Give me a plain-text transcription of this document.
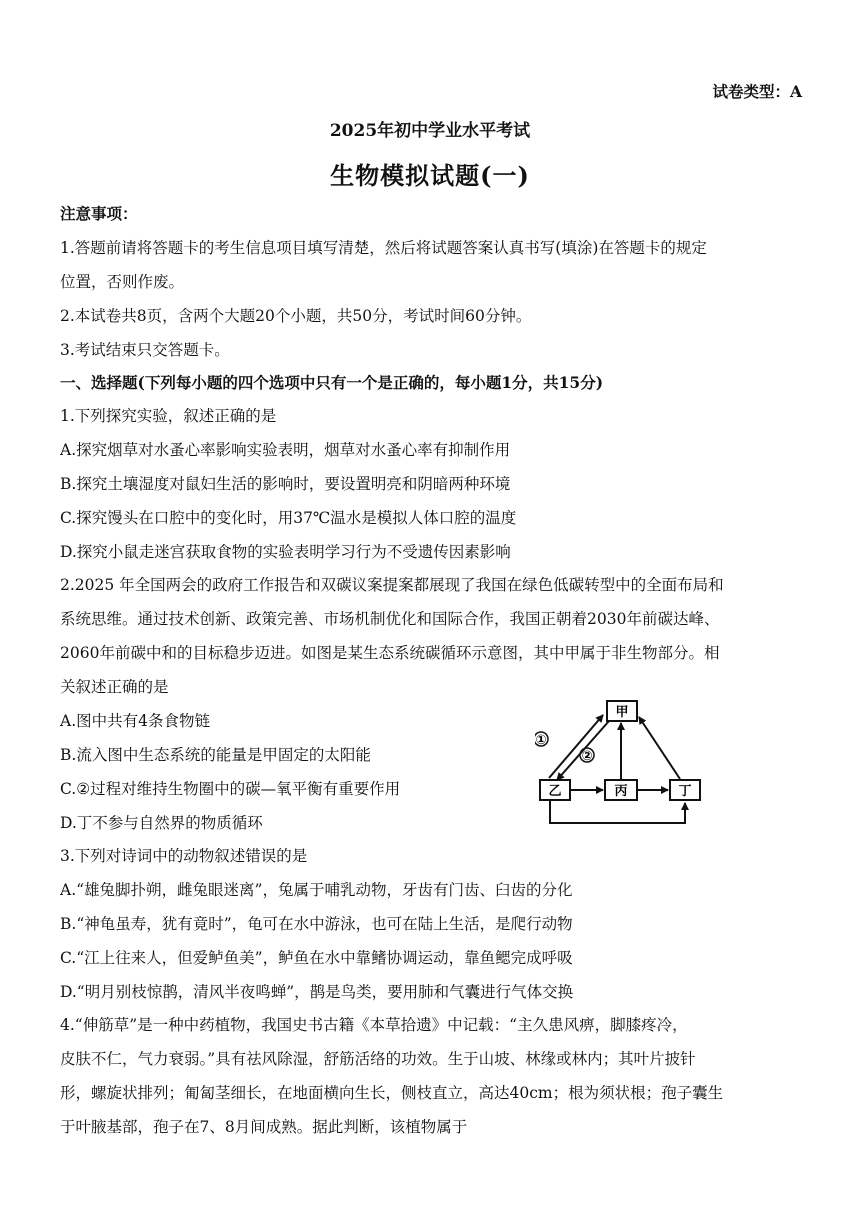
试卷类型：A
2025年初中学业水平考试
生物模拟试题(一)
注意事项：
1.答题前请将答题卡的考生信息项目填写清楚，然后将试题答案认真书写(填涂)在答题卡的规定
位置，否则作废。
2.本试卷共8页，含两个大题20个小题，共50分，考试时间60分钟。
3.考试结束只交答题卡。
一、选择题(下列每小题的四个选项中只有一个是正确的，每小题1分，共15分)
1.下列探究实验，叙述正确的是
A.探究烟草对水蚤心率影响实验表明，烟草对水蚤心率有抑制作用
B.探究土壤湿度对鼠妇生活的影响时，要设置明亮和阴暗两种环境
C.探究馒头在口腔中的变化时，用37℃温水是模拟人体口腔的温度
D.探究小鼠走迷宫获取食物的实验表明学习行为不受遗传因素影响
2.2025 年全国两会的政府工作报告和双碳议案提案都展现了我国在绿色低碳转型中的全面布局和
系统思维。通过技术创新、政策完善、市场机制优化和国际合作，我国正朝着2030年前碳达峰、
2060年前碳中和的目标稳步迈进。如图是某生态系统碳循环示意图，其中甲属于非生物部分。相
关叙述正确的是
A.图中共有4条食物链
B.流入图中生态系统的能量是甲固定的太阳能
C.②过程对维持生物圈中的碳—氧平衡有重要作用
D.丁不参与自然界的物质循环
甲
乙	丙	丁
①
②
3.下列对诗词中的动物叙述错误的是
A.“雄兔脚扑朔，雌兔眼迷离”，兔属于哺乳动物，牙齿有门齿、臼齿的分化
B.“神龟虽寿，犹有竟时”，龟可在水中游泳，也可在陆上生活，是爬行动物
C.“江上往来人，但爱鲈鱼美”，鲈鱼在水中靠鳍协调运动，靠鱼鳃完成呼吸
D.“明月别枝惊鹊，清风半夜鸣蝉”，鹊是鸟类，要用肺和气囊进行气体交换
4.“伸筋草”是一种中药植物，我国史书古籍《本草拾遗》中记载：“主久患风痹，脚膝疼冷，
皮肤不仁，气力衰弱。”具有祛风除湿，舒筋活络的功效。生于山坡、林缘或林内；其叶片披针
形，螺旋状排列；匍匐茎细长，在地面横向生长，侧枝直立，高达40cm；根为须状根；孢子囊生
于叶腋基部，孢子在7、8月间成熟。据此判断，该植物属于
